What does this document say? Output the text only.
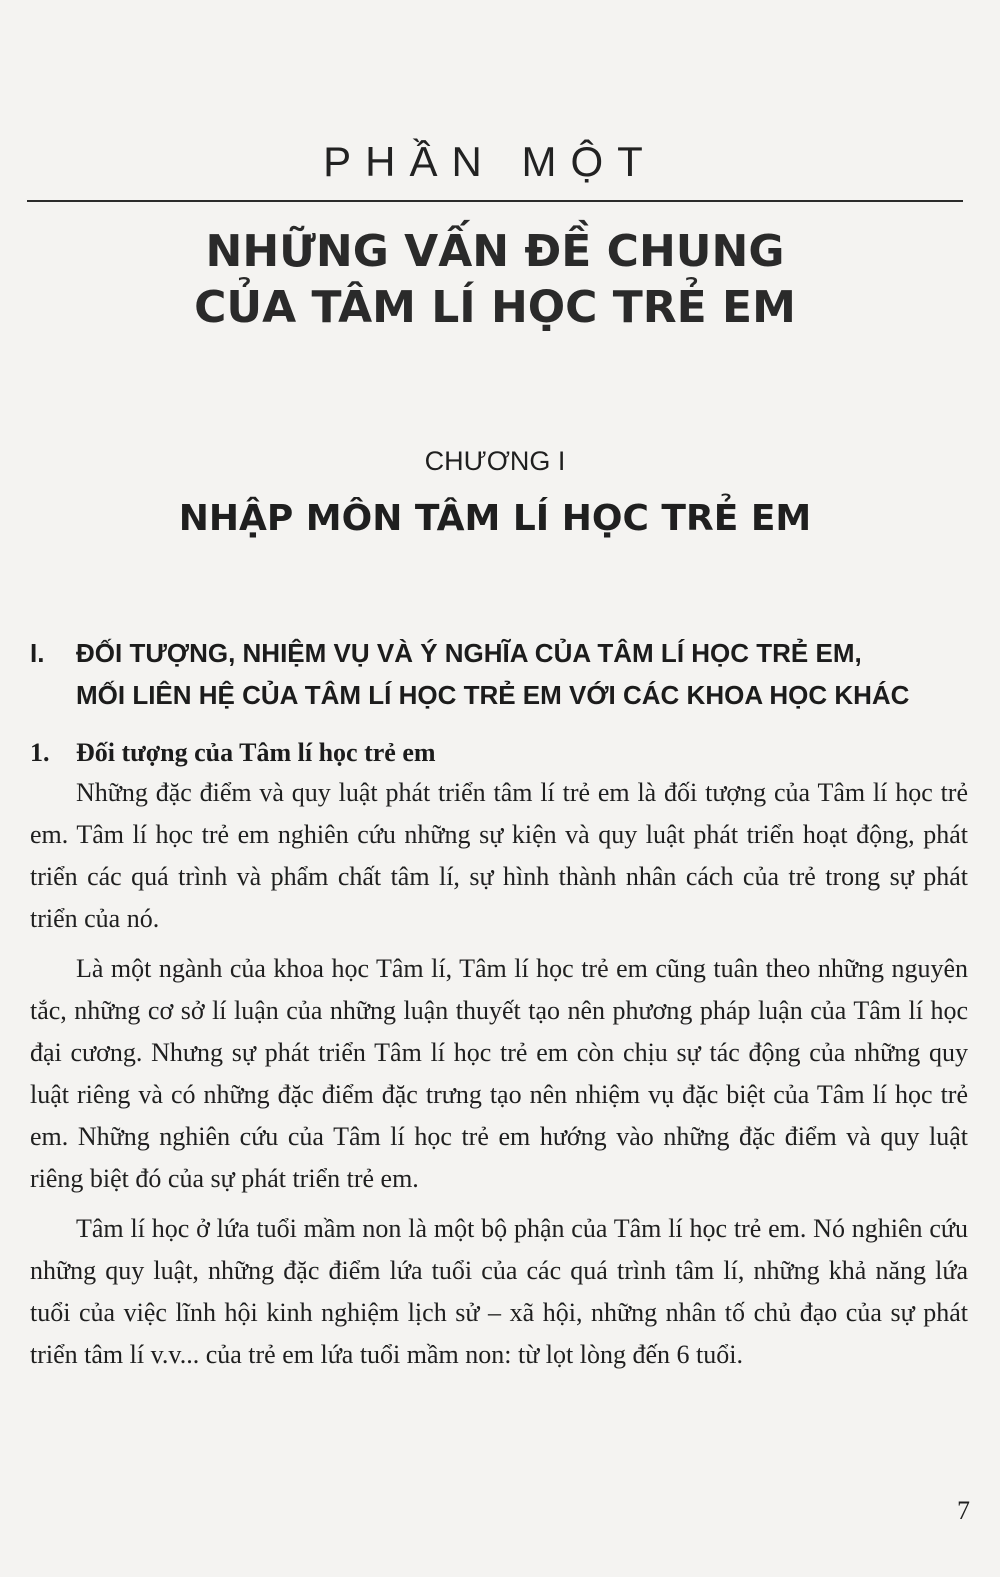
PHẦN MỘT
NHỮNG VẤN ĐỀ CHUNG
CỦA TÂM LÍ HỌC TRẺ EM
CHƯƠNG I
NHẬP MÔN TÂM LÍ HỌC TRẺ EM
I. ĐỐI TƯỢNG, NHIỆM VỤ VÀ Ý NGHĨA CỦA TÂM LÍ HỌC TRẺ EM,
MỐI LIÊN HỆ CỦA TÂM LÍ HỌC TRẺ EM VỚI CÁC KHOA HỌC KHÁC
1. Đối tượng của Tâm lí học trẻ em

Những đặc điểm và quy luật phát triển tâm lí trẻ em là đối tượng của Tâm lí học trẻ em. Tâm lí học trẻ em nghiên cứu những sự kiện và quy luật phát triển hoạt động, phát triển các quá trình và phẩm chất tâm lí, sự hình thành nhân cách của trẻ trong sự phát triển của nó.

Là một ngành của khoa học Tâm lí, Tâm lí học trẻ em cũng tuân theo những nguyên tắc, những cơ sở lí luận của những luận thuyết tạo nên phương pháp luận của Tâm lí học đại cương. Nhưng sự phát triển Tâm lí học trẻ em còn chịu sự tác động của những quy luật riêng và có những đặc điểm đặc trưng tạo nên nhiệm vụ đặc biệt của Tâm lí học trẻ em. Những nghiên cứu của Tâm lí học trẻ em hướng vào những đặc điểm và quy luật riêng biệt đó của sự phát triển trẻ em.

Tâm lí học ở lứa tuổi mầm non là một bộ phận của Tâm lí học trẻ em. Nó nghiên cứu những quy luật, những đặc điểm lứa tuổi của các quá trình tâm lí, những khả năng lứa tuổi của việc lĩnh hội kinh nghiệm lịch sử – xã hội, những nhân tố chủ đạo của sự phát triển tâm lí v.v... của trẻ em lứa tuổi mầm non: từ lọt lòng đến 6 tuổi.

7
